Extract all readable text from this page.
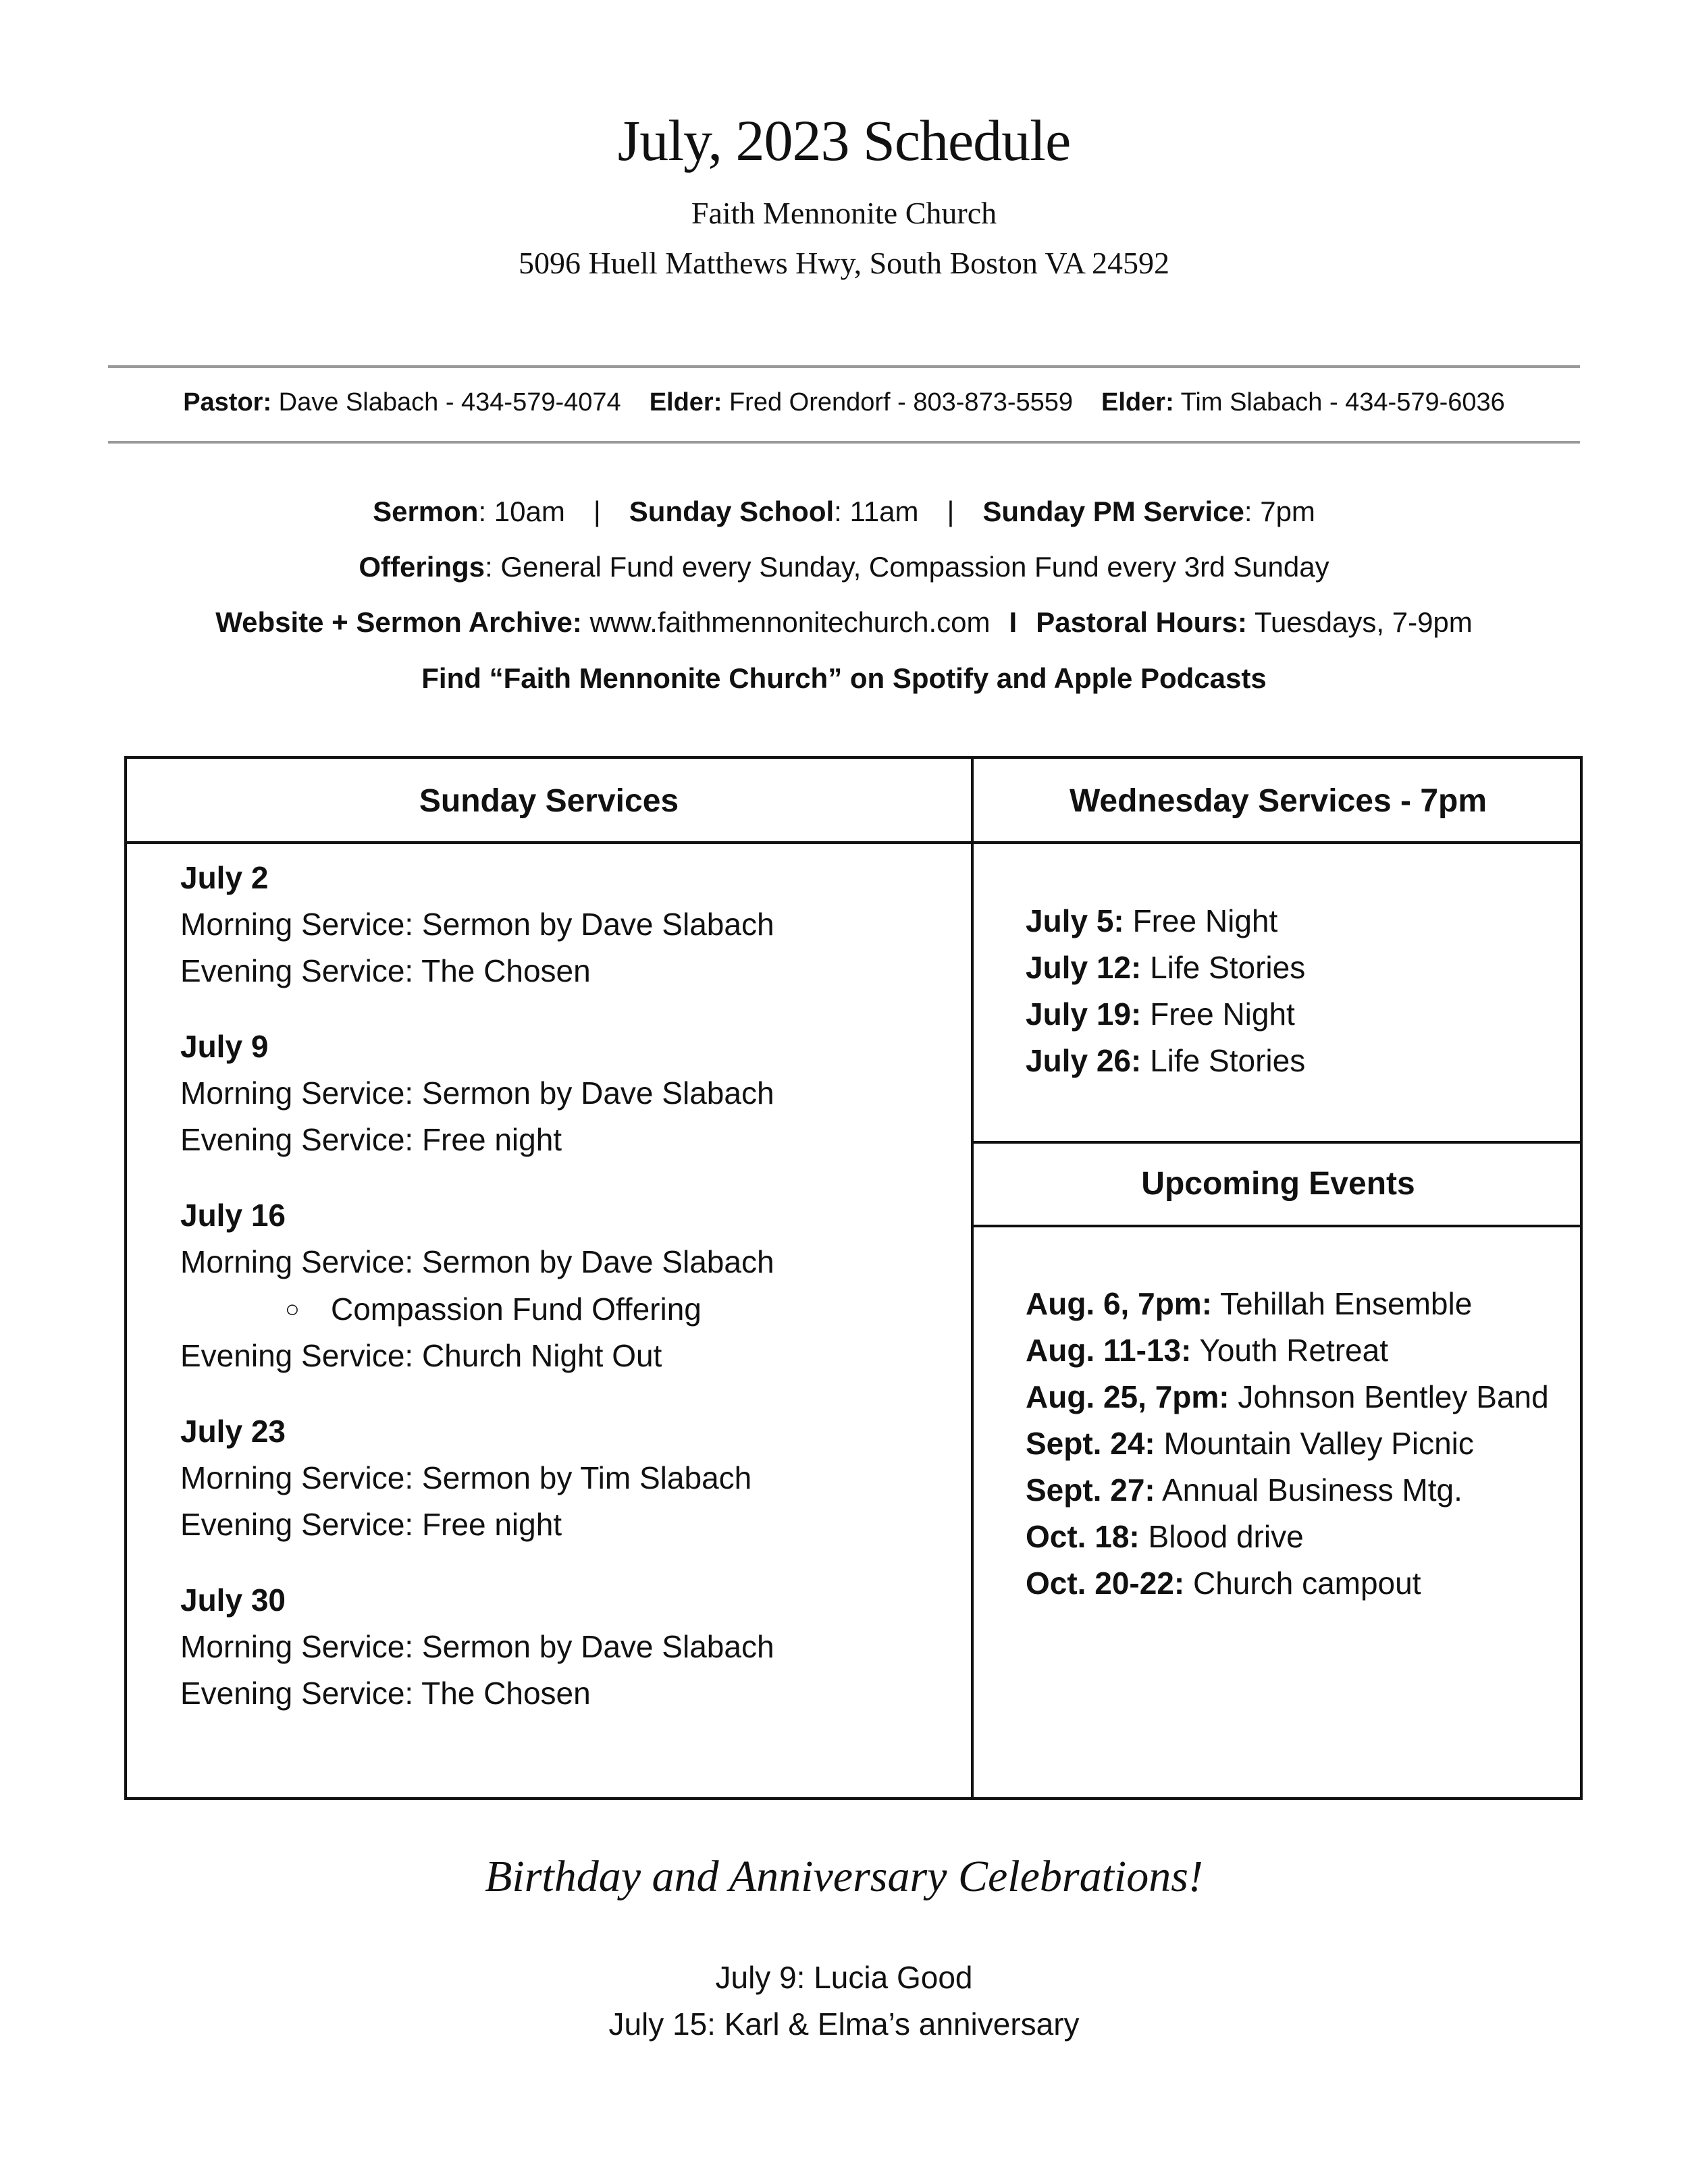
July, 2023 Schedule
Faith Mennonite Church
5096 Huell Matthews Hwy, South Boston VA 24592
Pastor: Dave Slabach - 434-579-4074 Elder: Fred Orendorf - 803-873-5559 Elder: Tim Slabach - 434-579-6036
Sermon: 10am | Sunday School: 11am | Sunday PM Service: 7pm
Offerings: General Fund every Sunday, Compassion Fund every 3rd Sunday
Website + Sermon Archive: www.faithmennonitechurch.com I Pastoral Hours: Tuesdays, 7-9pm
Find “Faith Mennonite Church” on Spotify and Apple Podcasts
Sunday Services	Wednesday Services - 7pm
Upcoming Events
July 2
Morning Service: Sermon by Dave Slabach
Evening Service: The Chosen
July 9
Morning Service: Sermon by Dave Slabach
Evening Service: Free night
July 16
Morning Service: Sermon by Dave Slabach
○ Compassion Fund Offering
Evening Service: Church Night Out
July 23
Morning Service: Sermon by Tim Slabach
Evening Service: Free night
July 30
Morning Service: Sermon by Dave Slabach
Evening Service: The Chosen
July 5: Free Night
July 12: Life Stories
July 19: Free Night
July 26: Life Stories
Aug. 6, 7pm: Tehillah Ensemble
Aug. 11-13: Youth Retreat
Aug. 25, 7pm: Johnson Bentley Band
Sept. 24: Mountain Valley Picnic
Sept. 27: Annual Business Mtg.
Oct. 18: Blood drive
Oct. 20-22: Church campout
Birthday and Anniversary Celebrations!
July 9: Lucia Good
July 15: Karl & Elma’s anniversary
